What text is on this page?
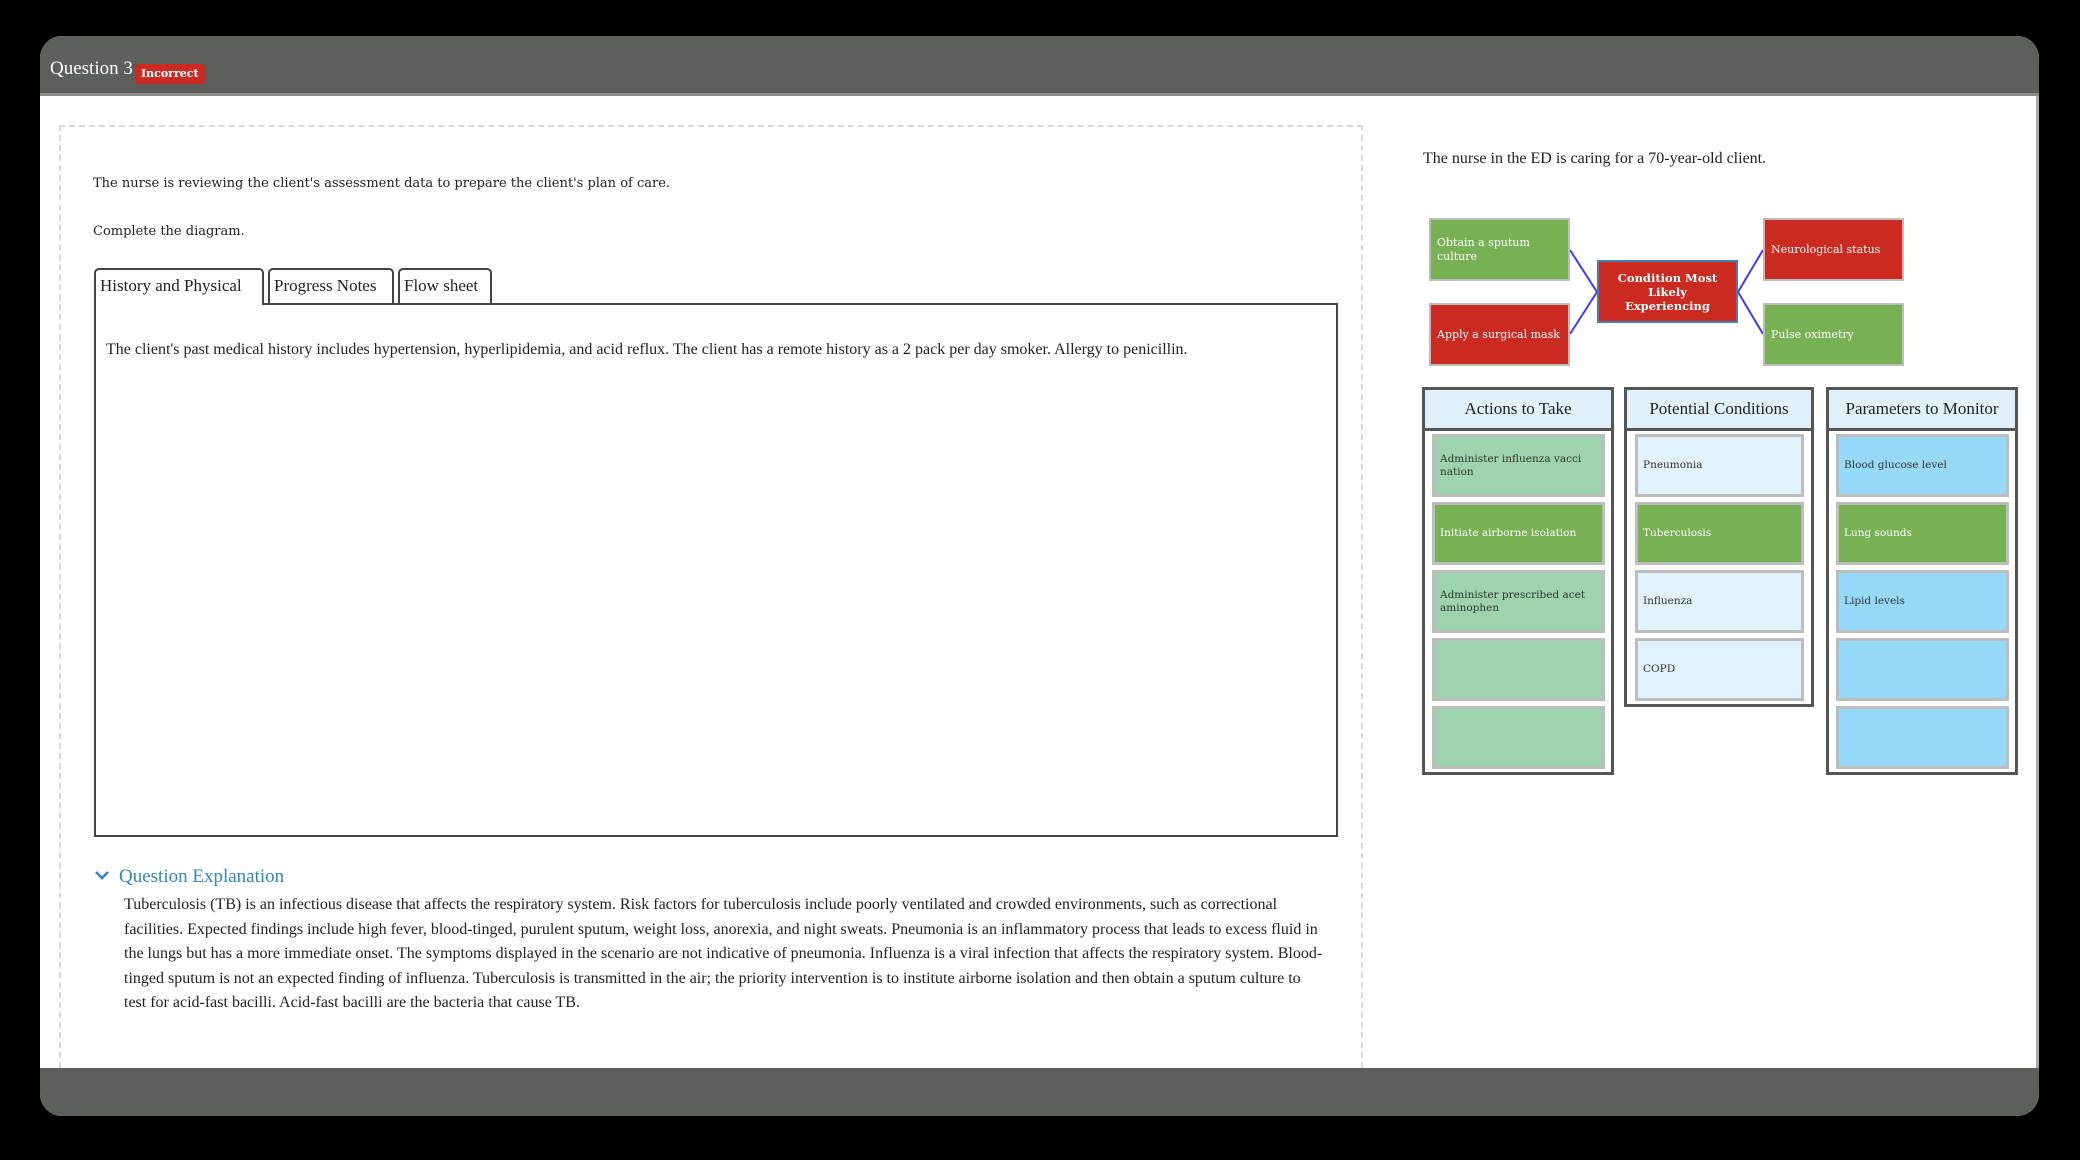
Question 3 Incorrect
The nurse is reviewing the client's assessment data to prepare the client's plan of care.
Complete the diagram.
History and Physical	Progress Notes	Flow sheet

The client's past medical history includes hypertension, hyperlipidemia, and acid reflux. The client has a remote history as a 2 pack per day smoker. Allergy to penicillin.

Question Explanation
Tuberculosis (TB) is an infectious disease that affects the respiratory system. Risk factors for tuberculosis include poorly ventilated and crowded environments, such as correctional facilities. Expected findings include high fever, blood-tinged, purulent sputum, weight loss, anorexia, and night sweats. Pneumonia is an inflammatory process that leads to excess fluid in the lungs but has a more immediate onset. The symptoms displayed in the scenario are not indicative of pneumonia. Influenza is a viral infection that affects the respiratory system. Blood-tinged sputum is not an expected finding of influenza. Tuberculosis is transmitted in the air; the priority intervention is to institute airborne isolation and then obtain a sputum culture to test for acid-fast bacilli. Acid-fast bacilli are the bacteria that cause TB.
The nurse in the ED is caring for a 70-year-old client.
Obtain a sputum culture
Apply a surgical mask
Condition Most Likely Experiencing
Neurological status
Pulse oximetry
Actions to Take
Administer influenza vacci nation
Initiate airborne isolation
Administer prescribed acet aminophen
Potential Conditions
Pneumonia
Tuberculosis
Influenza
COPD
Parameters to Monitor
Blood glucose level
Lung sounds
Lipid levels
